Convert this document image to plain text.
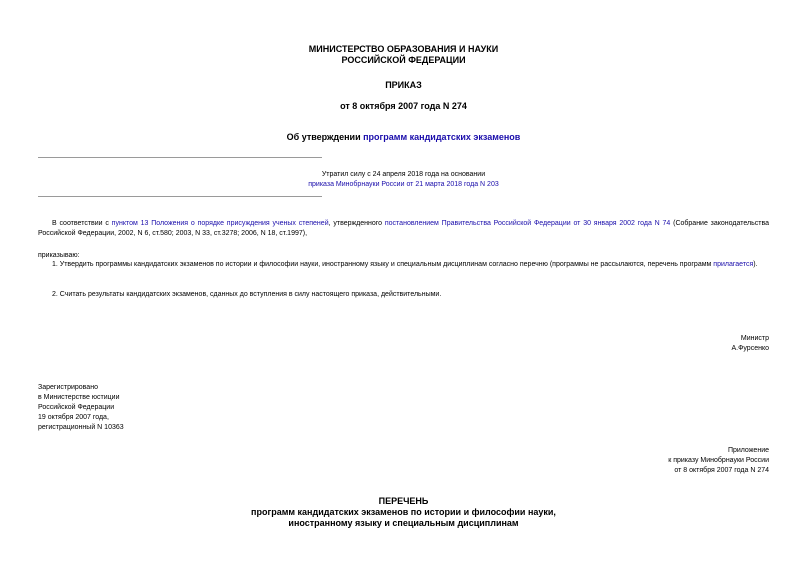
МИНИСТЕРСТВО ОБРАЗОВАНИЯ И НАУКИ
РОССИЙСКОЙ ФЕДЕРАЦИИ
ПРИКАЗ
от 8 октября 2007 года N 274
Об утверждении программ кандидатских экзаменов
Утратил силу с 24 апреля 2018 года на основании
приказа Минобрнауки России от 21 марта 2018 года N 203
В соответствии с пунктом 13 Положения о порядке присуждения ученых степеней, утвержденного постановлением Правительства Российской Федерации от 30 января 2002 года N 74 (Собрание законодательства Российской Федерации, 2002, N 6, ст.580; 2003, N 33, ст.3278; 2006, N 18, ст.1997),
приказываю:
1. Утвердить программы кандидатских экзаменов по истории и философии науки, иностранному языку и специальным дисциплинам согласно перечню (программы не рассылаются, перечень программ прилагается).
2. Считать результаты кандидатских экзаменов, сданных до вступления в силу настоящего приказа, действительными.
Министр
А.Фурсенко
Зарегистрировано
в Министерстве юстиции
Российской Федерации
19 октября 2007 года,
регистрационный N 10363
Приложение
к приказу Минобрнауки России
от 8 октября 2007 года N 274
ПЕРЕЧЕНЬ
программ кандидатских экзаменов по истории и философии науки,
иностранному языку и специальным дисциплинам
